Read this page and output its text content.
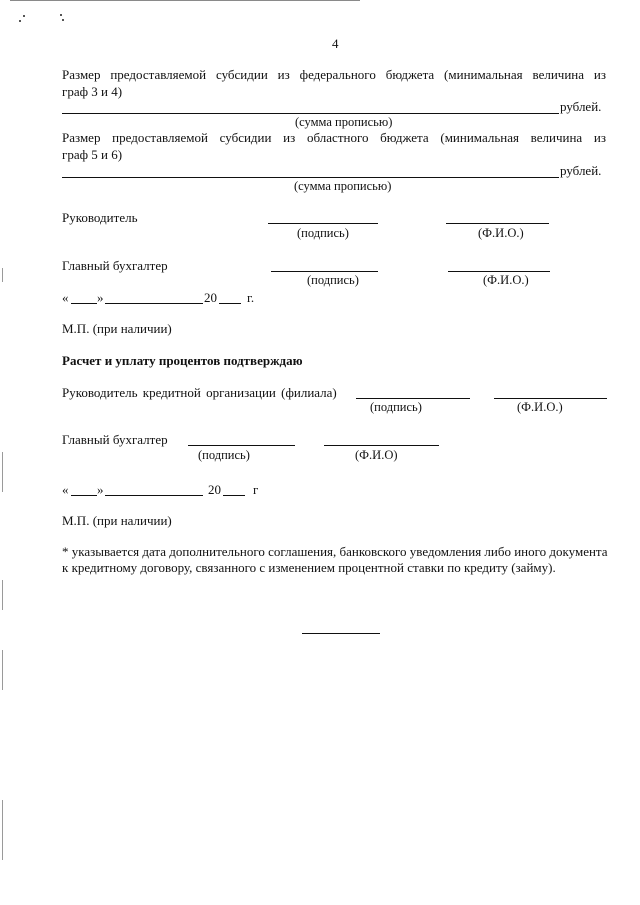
4
Размер предоставляемой субсидии из федерального бюджета (минимальная величина из
граф 3 и 4)
рублей.
(сумма прописью)
Размер предоставляемой субсидии из областного бюджета (минимальная величина из
граф 5 и 6)
рублей.
(сумма прописью)
Руководитель
(подпись)	(Ф.И.О.)
Главный бухгалтер
(подпись)	(Ф.И.О.)
« »	20 г.
М.П. (при наличии)
Расчет и уплату процентов подтверждаю
Руководитель кредитной организации (филиала)
(подпись)	(Ф.И.О.)
Главный бухгалтер
(подпись)	(Ф.И.О)
« »	20 г
М.П. (при наличии)
* указывается дата дополнительного соглашения, банковского уведомления либо иного документа
к кредитному договору, связанного с изменением процентной ставки по кредиту (займу).
